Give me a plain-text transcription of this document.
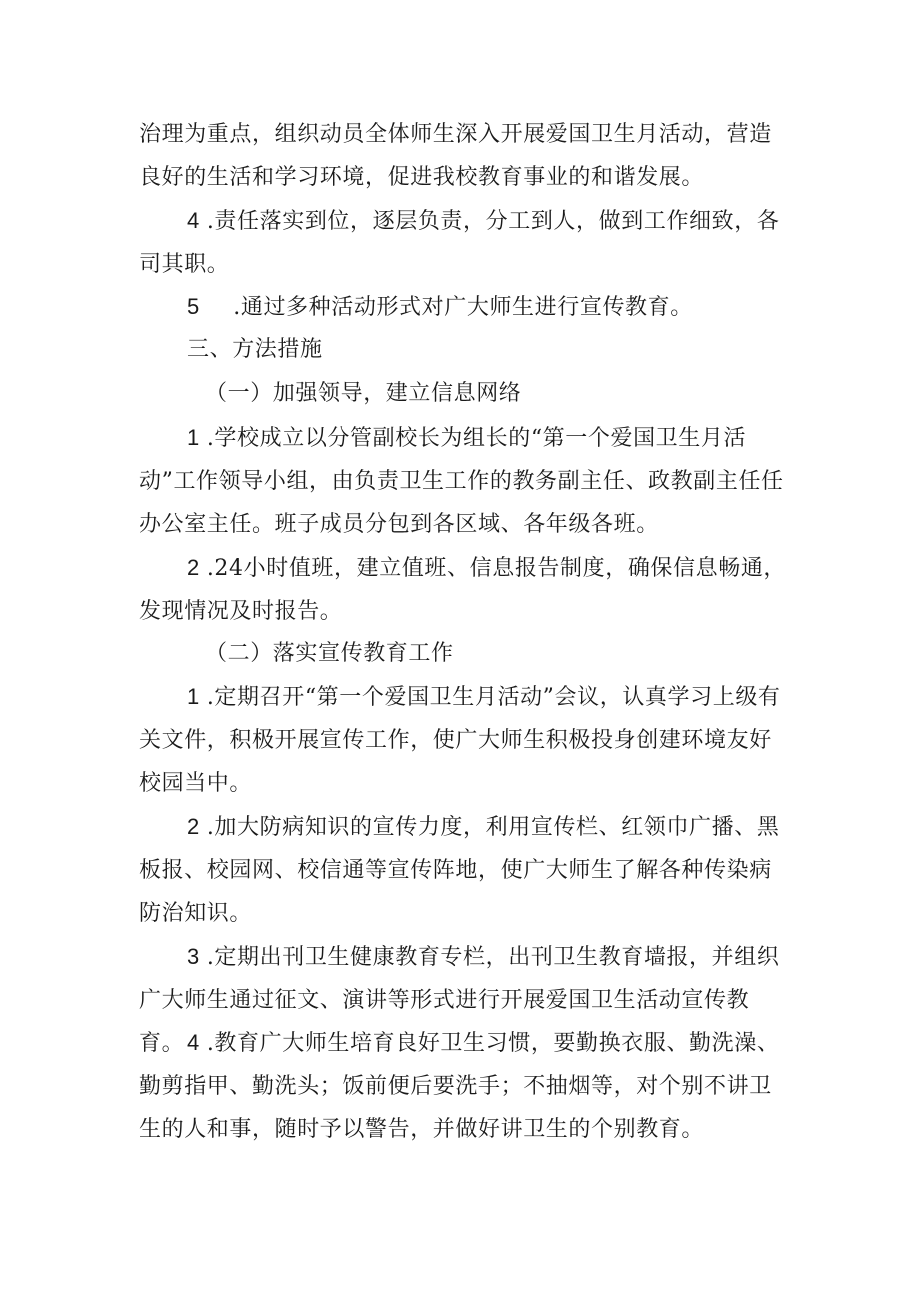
治理为重点，组织动员全体师生深入开展爱国卫生月活动，营造良好的生活和学习环境，促进我校教育事业的和谐发展。

4 .责任落实到位，逐层负责，分工到人，做到工作细致，各司其职。

5 .通过多种活动形式对广大师生进行宣传教育。

三、方法措施

（一）加强领导，建立信息网络

1 .学校成立以分管副校长为组长的“第一个爱国卫生月活动”工作领导小组，由负责卫生工作的教务副主任、政教副主任任办公室主任。班子成员分包到各区域、各年级各班。

2 .24小时值班，建立值班、信息报告制度，确保信息畅通，发现情况及时报告。

（二）落实宣传教育工作

1 .定期召开“第一个爱国卫生月活动”会议，认真学习上级有关文件，积极开展宣传工作，使广大师生积极投身创建环境友好校园当中。

2 .加大防病知识的宣传力度，利用宣传栏、红领巾广播、黑板报、校园网、校信通等宣传阵地，使广大师生了解各种传染病防治知识。

3 .定期出刊卫生健康教育专栏，出刊卫生教育墙报，并组织广大师生通过征文、演讲等形式进行开展爱国卫生活动宣传教育。 4 .教育广大师生培育良好卫生习惯，要勤换衣服、勤洗澡、勤剪指甲、勤洗头；饭前便后要洗手；不抽烟等，对个别不讲卫生的人和事，随时予以警告，并做好讲卫生的个别教育。
